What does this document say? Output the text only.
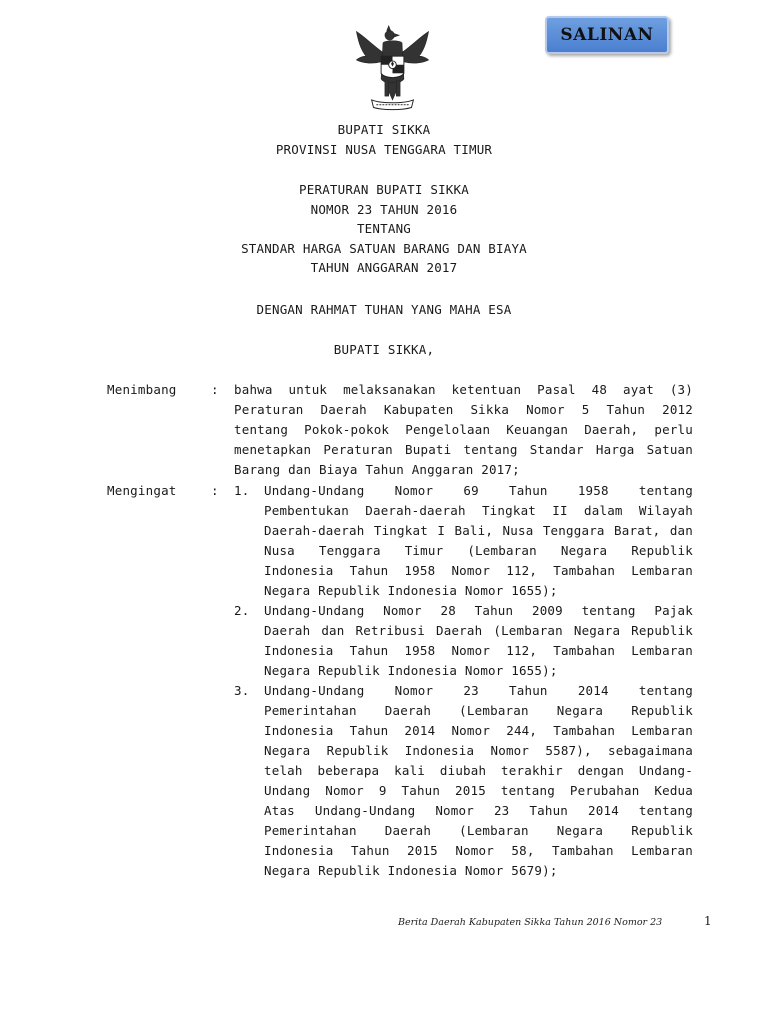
SALINAN
BUPATI SIKKA
PROVINSI NUSA TENGGARA TIMUR
PERATURAN BUPATI SIKKA
NOMOR 23 TAHUN 2016
TENTANG
STANDAR HARGA SATUAN BARANG DAN BIAYA
TAHUN ANGGARAN 2017
DENGAN RAHMAT TUHAN YANG MAHA ESA
BUPATI SIKKA,
Menimbang	: bahwa untuk melaksanakan ketentuan Pasal 48 ayat (3)
Peraturan Daerah Kabupaten Sikka Nomor 5 Tahun 2012
tentang Pokok-pokok Pengelolaan Keuangan Daerah, perlu
menetapkan Peraturan Bupati tentang Standar Harga Satuan
Barang dan Biaya Tahun Anggaran 2017;
Mengingat	: 1. Undang-Undang Nomor 69 Tahun 1958 tentang
Pembentukan Daerah-daerah Tingkat II dalam Wilayah
Daerah-daerah Tingkat I Bali, Nusa Tenggara Barat, dan
Nusa Tenggara Timur (Lembaran Negara Republik
Indonesia Tahun 1958 Nomor 112, Tambahan Lembaran
Negara Republik Indonesia Nomor 1655);
2. Undang-Undang Nomor 28 Tahun 2009 tentang Pajak
Daerah dan Retribusi Daerah (Lembaran Negara Republik
Indonesia Tahun 1958 Nomor 112, Tambahan Lembaran
Negara Republik Indonesia Nomor 1655);
3. Undang-Undang Nomor 23 Tahun 2014 tentang
Pemerintahan Daerah (Lembaran Negara Republik
Indonesia Tahun 2014 Nomor 244, Tambahan Lembaran
Negara Republik Indonesia Nomor 5587), sebagaimana
telah beberapa kali diubah terakhir dengan Undang-
Undang Nomor 9 Tahun 2015 tentang Perubahan Kedua
Atas Undang-Undang Nomor 23 Tahun 2014 tentang
Pemerintahan Daerah (Lembaran Negara Republik
Indonesia Tahun 2015 Nomor 58, Tambahan Lembaran
Negara Republik Indonesia Nomor 5679);
Berita Daerah Kabupaten Sikka Tahun 2016 Nomor 23	1
